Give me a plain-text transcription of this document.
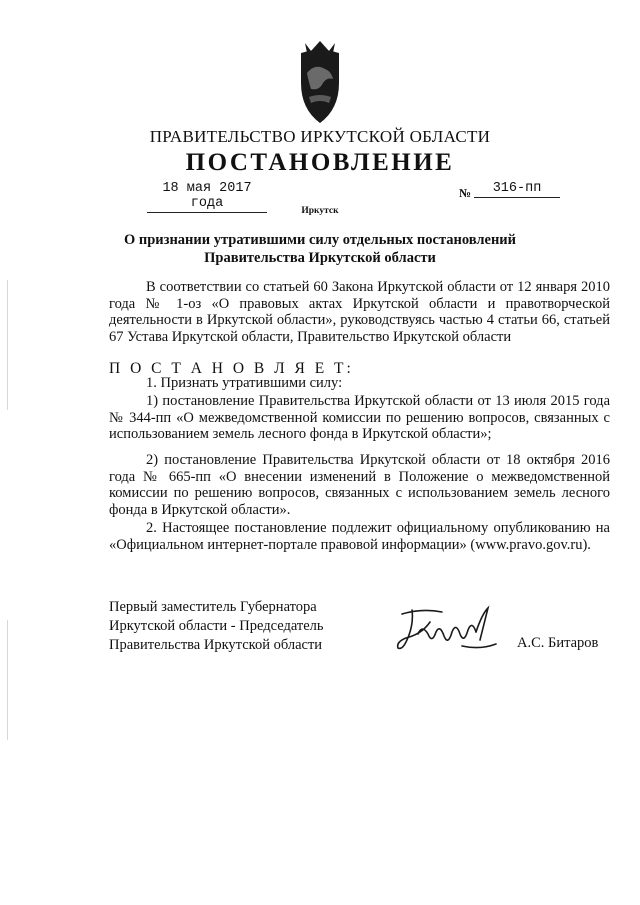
ПРАВИТЕЛЬСТВО ИРКУТСКОЙ ОБЛАСТИ
ПОСТАНОВЛЕНИЕ
18 мая 2017 года
№	316-пп
Иркутск
О признании утратившими силу отдельных постановлений
Правительства Иркутской области
В соответствии со статьей 60 Закона Иркутской области от 12 января 2010 года № 1-оз «О правовых актах Иркутской области и правотворческой деятельности в Иркутской области», руководствуясь частью 4 статьи 66, статьей 67 Устава Иркутской области, Правительство Иркутской области
П О С Т А Н О В Л Я Е Т:
1. Признать утратившими силу:
1) постановление Правительства Иркутской области от 13 июля 2015 года № 344-пп «О межведомственной комиссии по решению вопросов, связанных с использованием земель лесного фонда в Иркутской области»;
2) постановление Правительства Иркутской области от 18 октября 2016 года № 665-пп «О внесении изменений в Положение о межведомственной комиссии по решению вопросов, связанных с использованием земель лесного фонда в Иркутской области».
2. Настоящее постановление подлежит официальному опубликованию на «Официальном интернет-портале правовой информации» (www.pravo.gov.ru).
Первый заместитель Губернатора
Иркутской области - Председатель
Правительства Иркутской области	А.С. Битаров
